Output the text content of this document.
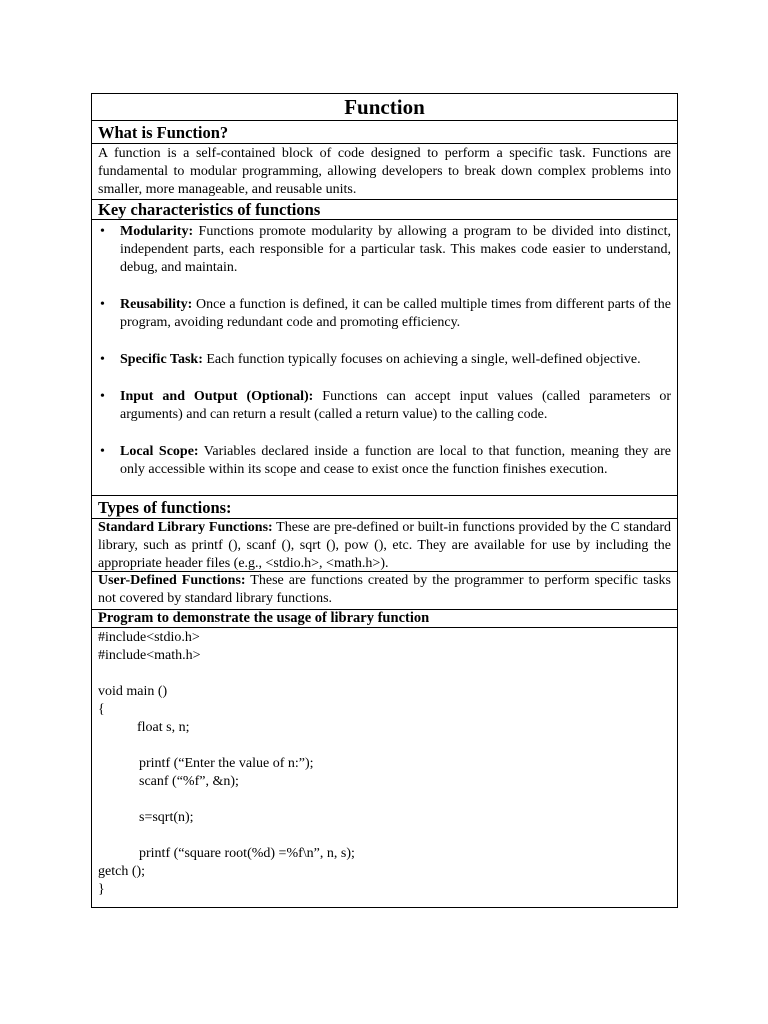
Function
What is Function?
A function is a self-contained block of code designed to perform a specific task. Functions are fundamental to modular programming, allowing developers to break down complex problems into smaller, more manageable, and reusable units.
Key characteristics of functions
• Modularity: Functions promote modularity by allowing a program to be divided into distinct, independent parts, each responsible for a particular task. This makes code easier to understand, debug, and maintain.
• Reusability: Once a function is defined, it can be called multiple times from different parts of the program, avoiding redundant code and promoting efficiency.
• Specific Task: Each function typically focuses on achieving a single, well-defined objective.
• Input and Output (Optional): Functions can accept input values (called parameters or arguments) and can return a result (called a return value) to the calling code.
• Local Scope: Variables declared inside a function are local to that function, meaning they are only accessible within its scope and cease to exist once the function finishes execution.
Types of functions:
Standard Library Functions: These are pre-defined or built-in functions provided by the C standard library, such as printf (), scanf (), sqrt (), pow (), etc. They are available for use by including the appropriate header files (e.g., <stdio.h>, <math.h>).
User-Defined Functions: These are functions created by the programmer to perform specific tasks not covered by standard library functions.
Program to demonstrate the usage of library function
#include<stdio.h>
#include<math.h>
void main ()
{
float s, n;
printf (“Enter the value of n:”);
scanf (“%f”, &n);
s=sqrt(n);
printf (“square root(%d) =%f\n”, n, s);
getch ();
}
